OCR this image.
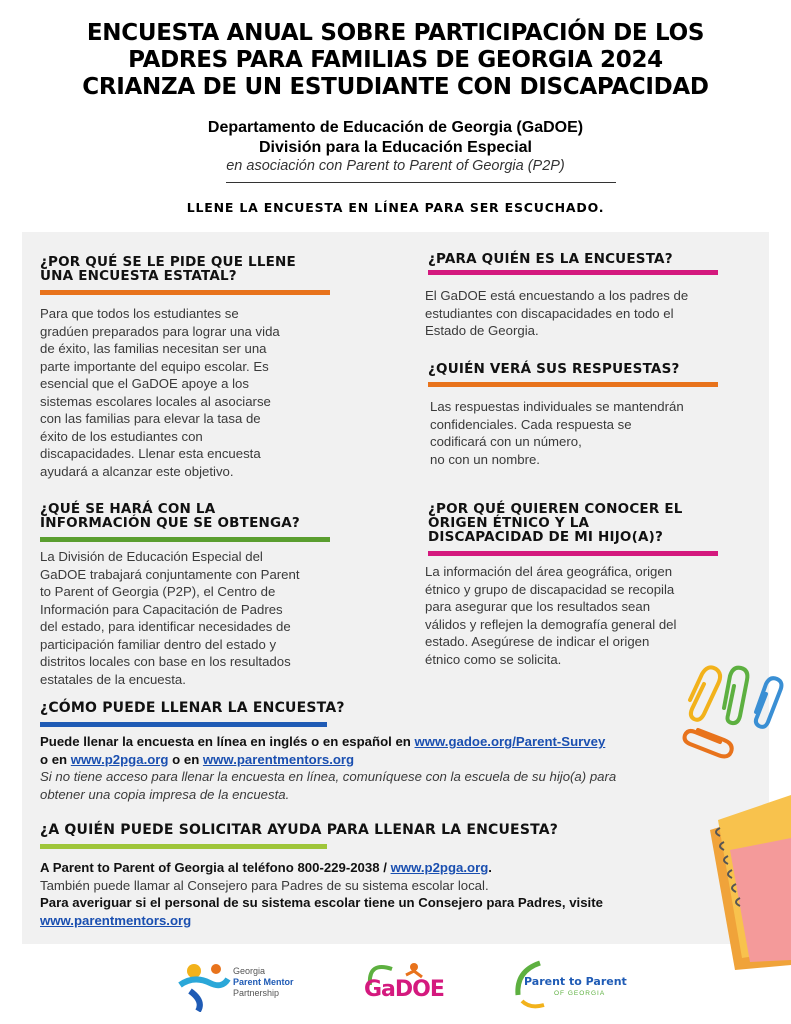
ENCUESTA ANUAL SOBRE PARTICIPACIÓN DE LOS
PADRES PARA FAMILIAS DE GEORGIA 2024
CRIANZA DE UN ESTUDIANTE CON DISCAPACIDAD
Departamento de Educación de Georgia (GaDOE)
División para la Educación Especial
en asociación con Parent to Parent of Georgia (P2P)
LLENE LA ENCUESTA EN LÍNEA PARA SER ESCUCHADO.
¿POR QUÉ SE LE PIDE QUE LLENE
UNA ENCUESTA ESTATAL?
Para que todos los estudiantes se
gradúen preparados para lograr una vida
de éxito, las familias necesitan ser una
parte importante del equipo escolar. Es
esencial que el GaDOE apoye a los
sistemas escolares locales al asociarse
con las familias para elevar la tasa de
éxito de los estudiantes con
discapacidades. Llenar esta encuesta
ayudará a alcanzar este objetivo.
¿PARA QUIÉN ES LA ENCUESTA?
El GaDOE está encuestando a los padres de
estudiantes con discapacidades en todo el
Estado de Georgia.
¿QUIÉN VERÁ SUS RESPUESTAS?
Las respuestas individuales se mantendrán
confidenciales. Cada respuesta se
codificará con un número,
no con un nombre.
¿QUÉ SE HARÁ CON LA
INFORMACIÓN QUE SE OBTENGA?
La División de Educación Especial del
GaDOE trabajará conjuntamente con Parent
to Parent of Georgia (P2P), el Centro de
Información para Capacitación de Padres
del estado, para identificar necesidades de
participación familiar dentro del estado y
distritos locales con base en los resultados
estatales de la encuesta.
¿POR QUÉ QUIEREN CONOCER EL
ORIGEN ÉTNICO Y LA
DISCAPACIDAD DE MI HIJO(A)?
La información del área geográfica, origen
étnico y grupo de discapacidad se recopila
para asegurar que los resultados sean
válidos y reflejen la demografía general del
estado. Asegúrese de indicar el origen
étnico como se solicita.
¿CÓMO PUEDE LLENAR LA ENCUESTA?
Puede llenar la encuesta en línea en inglés o en español en www.gadoe.org/Parent-Survey
o en www.p2pga.org o en www.parentmentors.org
Si no tiene acceso para llenar la encuesta en línea, comuníquese con la escuela de su hijo(a) para
obtener una copia impresa de la encuesta.
¿A QUIÉN PUEDE SOLICITAR AYUDA PARA LLENAR LA ENCUESTA?
A Parent to Parent of Georgia al teléfono 800-229-2038 / www.p2pga.org.
También puede llamar al Consejero para Padres de su sistema escolar local.
Para averiguar si el personal de su sistema escolar tiene un Consejero para Padres, visite
www.parentmentors.org
Georgia
Parent Mentor
Partnership	GaDOE	Parent to Parent
OF GEORGIA
